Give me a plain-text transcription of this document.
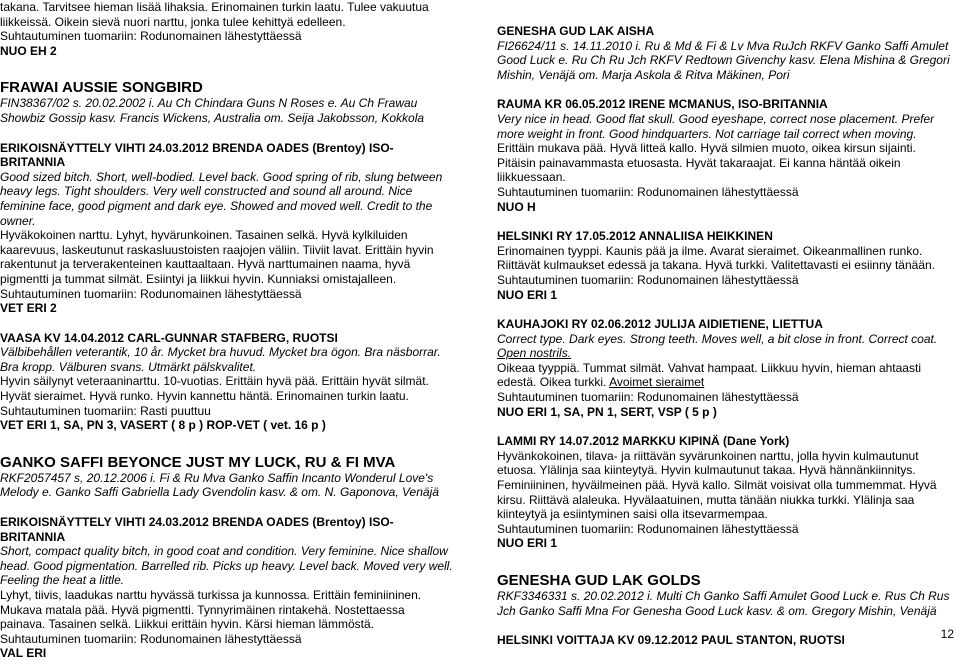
takana. Tarvitsee hieman lisää lihaksia. Erinomainen turkin laatu. Tulee vakuutua

liikkeissä. Oikein sievä nuori narttu, jonka tulee kehittyä edelleen.

Suhtautuminen tuomariin: Rodunomainen lähestyttäessä

NUO EH 2

FRAWAI AUSSIE SONGBIRD

FIN38367/02 s. 20.02.2002 i. Au Ch Chindara Guns N Roses e. Au Ch Frawau

Showbiz Gossip kasv. Francis Wickens, Australia om. Seija Jakobsson, Kokkola

ERIKOISNÄYTTELY VIHTI 24.03.2012 BRENDA OADES (Brentoy) ISO-

BRITANNIA

Good sized bitch. Short, well-bodied. Level back. Good spring of rib, slung between

heavy legs. Tight shoulders. Very well constructed and sound all around. Nice

feminine face, good pigment and dark eye. Showed and moved well. Credit to the

owner.

Hyväkokoinen narttu. Lyhyt, hyvärunkoinen. Tasainen selkä. Hyvä kylkiluiden

kaarevuus, laskeutunut raskasluustoisten raajojen väliin. Tiiviit lavat. Erittäin hyvin

rakentunut ja terverakenteinen kauttaaltaan. Hyvä narttumainen naama, hyvä

pigmentti ja tummat silmät. Esiintyi ja liikkui hyvin. Kunniaksi omistajalleen.

Suhtautuminen tuomariin: Rodunomainen lähestyttäessä

VET ERI 2

VAASA KV 14.04.2012 CARL-GUNNAR STAFBERG, RUOTSI

Välbibehållen veterantik, 10 år. Mycket bra huvud. Mycket bra ögon. Bra näsborrar.

Bra kropp. Välburen svans. Utmärkt pälskvalitet.

Hyvin säilynyt veteraaninarttu. 10-vuotias. Erittäin hyvä pää. Erittäin hyvät silmät.

Hyvät sieraimet. Hyvä runko. Hyvin kannettu häntä. Erinomainen turkin laatu.

Suhtautuminen tuomariin: Rasti puuttuu

VET ERI 1, SA, PN 3, VASERT ( 8 p ) ROP-VET ( vet. 16 p )

GANKO SAFFI BEYONCE JUST MY LUCK, RU & FI MVA

RKF2057457 s, 20.12.2006 i. Fi & Ru Mva Ganko Saffin Incanto Wonderul Love's

Melody e. Ganko Saffi Gabriella Lady Gvendolin kasv. & om. N. Gaponova, Venäjä

ERIKOISNÄYTTELY VIHTI 24.03.2012 BRENDA OADES (Brentoy) ISO-

BRITANNIA

Short, compact quality bitch, in good coat and condition. Very feminine. Nice shallow

head. Good pigmentation. Barrelled rib. Picks up heavy. Level back. Moved very well.

Feeling the heat a little.

Lyhyt, tiivis, laadukas narttu hyvässä turkissa ja kunnossa. Erittäin feminiininen.

Mukava matala pää. Hyvä pigmentti. Tynnyrimäinen rintakehä. Nostettaessa

painava. Tasainen selkä. Liikkui erittäin hyvin. Kärsi hieman lämmöstä.

Suhtautuminen tuomariin: Rodunomainen lähestyttäessä

VAL ERI

GENESHA GUD LAK AISHA

FI26624/11 s. 14.11.2010 i. Ru & Md & Fi & Lv Mva RuJch RKFV Ganko Saffi Amulet

Good Luck e. Ru Ch Ru Jch RKFV Redtown Givenchy kasv. Elena Mishina & Gregori

Mishin, Venäjä om. Marja Askola & Ritva Mäkinen, Pori

RAUMA KR 06.05.2012 IRENE MCMANUS, ISO-BRITANNIA

Very nice in head. Good flat skull. Good eyeshape, correct nose placement. Prefer

more weight in front. Good hindquarters. Not carriage tail correct when moving.

Erittäin mukava pää. Hyvä litteä kallo. Hyvä silmien muoto, oikea kirsun sijainti.

Pitäisin painavammasta etuosasta. Hyvät takaraajat. Ei kanna häntää oikein

liikkuessaan.

Suhtautuminen tuomariin: Rodunomainen lähestyttäessä

NUO H

HELSINKI RY 17.05.2012 ANNALIISA HEIKKINEN

Erinomainen tyyppi. Kaunis pää ja ilme. Avarat sieraimet. Oikeanmallinen runko.

Riittävät kulmaukset edessä ja takana. Hyvä turkki. Valitettavasti ei esiinny tänään.

Suhtautuminen tuomariin: Rodunomainen lähestyttäessä

NUO ERI 1

KAUHAJOKI RY 02.06.2012 JULIJA AIDIETIENE, LIETTUA

Correct type. Dark eyes. Strong teeth. Moves well, a bit close in front. Correct coat.

Open nostrils.

Oikeaa tyyppiä. Tummat silmät. Vahvat hampaat. Liikkuu hyvin, hieman ahtaasti

edestä. Oikea turkki. Avoimet sieraimet

Suhtautuminen tuomariin: Rodunomainen lähestyttäessä

NUO ERI 1, SA, PN 1, SERT, VSP ( 5 p )

LAMMI RY 14.07.2012 MARKKU KIPINÄ (Dane York)

Hyvänkokoinen, tilava- ja riittävän syvärunkoinen narttu, jolla hyvin kulmautunut

etuosa. Ylälinja saa kiinteytyä. Hyvin kulmautunut takaa. Hyvä hännänkiinnitys.

Feminiininen, hyväilmeinen pää. Hyvä kallo. Silmät voisivat olla tummemmat. Hyvä

kirsu. Riittävä alaleuka. Hyvälaatuinen, mutta tänään niukka turkki. Ylälinja saa

kiinteytyä ja esiintyminen saisi olla itsevarmempaa.

Suhtautuminen tuomariin: Rodunomainen lähestyttäessä

NUO ERI 1

GENESHA GUD LAK GOLDS

RKF3346331 s. 20.02.2012 i. Multi Ch Ganko Saffi Amulet Good Luck e. Rus Ch Rus

Jch Ganko Saffi Mna For Genesha Good Luck kasv. & om. Gregory Mishin, Venäjä

HELSINKI VOITTAJA KV 09.12.2012 PAUL STANTON, RUOTSI	12
